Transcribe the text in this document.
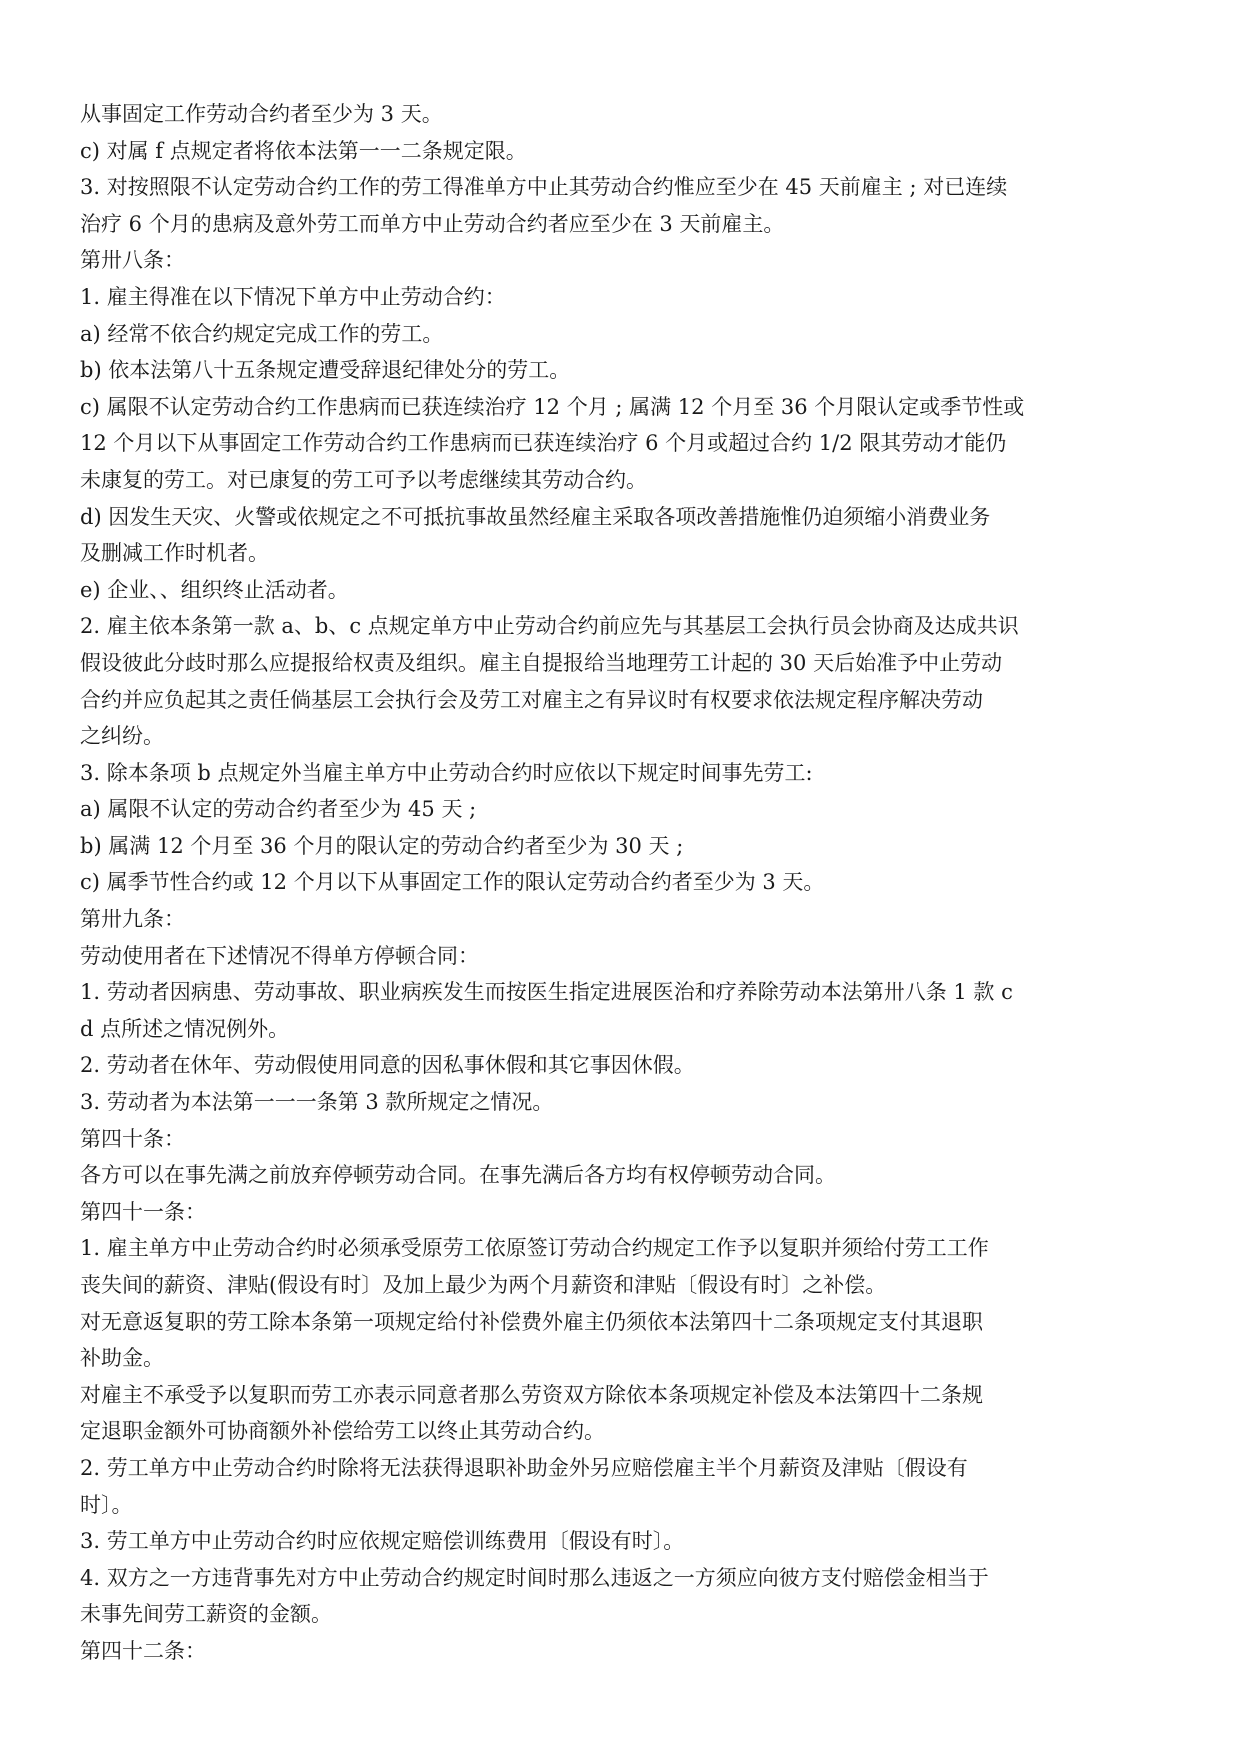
从事固定工作劳动合约者至少为 3 天。
c) 对属 f 点规定者将依本法第一一二条规定限。
3. 对按照限不认定劳动合约工作的劳工得准单方中止其劳动合约惟应至少在 45 天前雇主 ; 对已连续
治疗 6 个月的患病及意外劳工而单方中止劳动合约者应至少在 3 天前雇主。
第卅八条：
1. 雇主得准在以下情况下单方中止劳动合约：
a) 经常不依合约规定完成工作的劳工。
b) 依本法第八十五条规定遭受辞退纪律处分的劳工。
c) 属限不认定劳动合约工作患病而已获连续治疗 12 个月 ; 属满 12 个月至 36 个月限认定或季节性或
12 个月以下从事固定工作劳动合约工作患病而已获连续治疗 6 个月或超过合约 1/2 限其劳动才能仍
未康复的劳工。对已康复的劳工可予以考虑继续其劳动合约。
d) 因发生天灾、火警或依规定之不可抵抗事故虽然经雇主采取各项改善措施惟仍迫须缩小消费业务
及删减工作时机者。
e) 企业、、组织终止活动者。
2. 雇主依本条第一款 a、b、c 点规定单方中止劳动合约前应先与其基层工会执行员会协商及达成共识
假设彼此分歧时那么应提报给权责及组织。雇主自提报给当地理劳工计起的 30 天后始准予中止劳动
合约并应负起其之责任倘基层工会执行会及劳工对雇主之有异议时有权要求依法规定程序解决劳动
之纠纷。
3. 除本条项 b 点规定外当雇主单方中止劳动合约时应依以下规定时间事先劳工:
a) 属限不认定的劳动合约者至少为 45 天 ;
b) 属满 12 个月至 36 个月的限认定的劳动合约者至少为 30 天 ;
c) 属季节性合约或 12 个月以下从事固定工作的限认定劳动合约者至少为 3 天。
第卅九条：
劳动使用者在下述情况不得单方停顿合同：
1. 劳动者因病患、劳动事故、职业病疾发生而按医生指定进展医治和疗养除劳动本法第卅八条 1 款 c
d 点所述之情况例外。
2. 劳动者在休年、劳动假使用同意的因私事休假和其它事因休假。
3. 劳动者为本法第一一一条第 3 款所规定之情况。
第四十条：
各方可以在事先满之前放弃停顿劳动合同。在事先满后各方均有权停顿劳动合同。
第四十一条：
1. 雇主单方中止劳动合约时必须承受原劳工依原签订劳动合约规定工作予以复职并须给付劳工工作
丧失间的薪资、津贴(假设有时〕及加上最少为两个月薪资和津贴〔假设有时〕之补偿。
对无意返复职的劳工除本条第一项规定给付补偿费外雇主仍须依本法第四十二条项规定支付其退职
补助金。
对雇主不承受予以复职而劳工亦表示同意者那么劳资双方除依本条项规定补偿及本法第四十二条规
定退职金额外可协商额外补偿给劳工以终止其劳动合约。
2. 劳工单方中止劳动合约时除将无法获得退职补助金外另应赔偿雇主半个月薪资及津贴〔假设有
时〕。
3. 劳工单方中止劳动合约时应依规定赔偿训练费用〔假设有时〕。
4. 双方之一方违背事先对方中止劳动合约规定时间时那么违返之一方须应向彼方支付赔偿金相当于
未事先间劳工薪资的金额。
第四十二条：
